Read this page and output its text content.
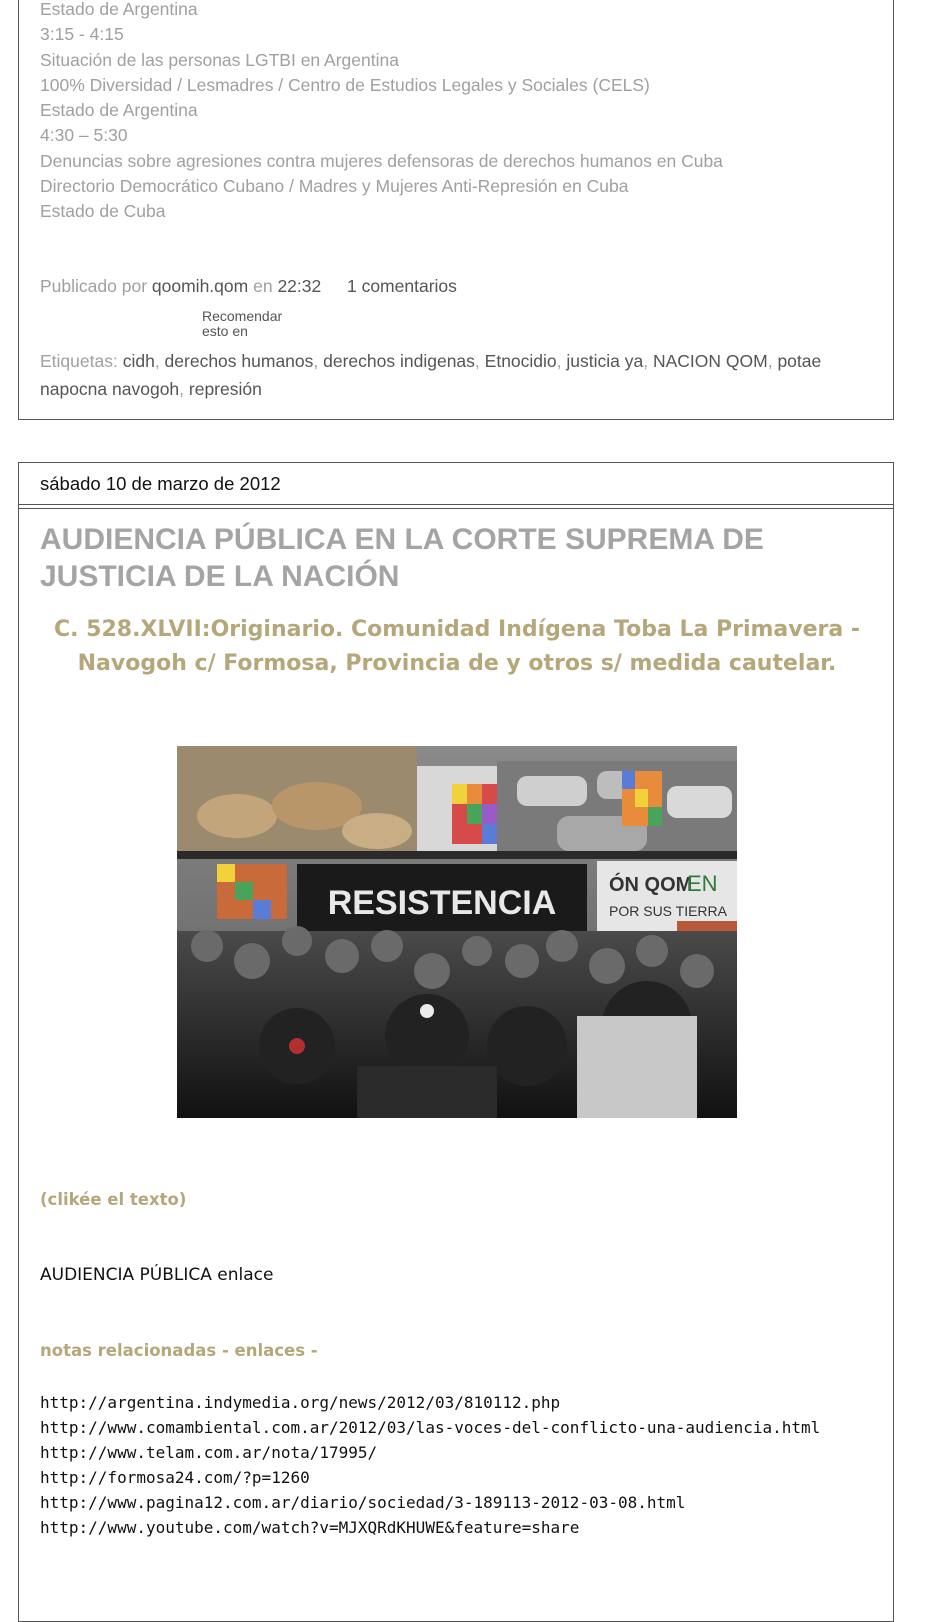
Estado de Argentina
3:15 - 4:15
Situación de las personas LGTBI en Argentina
100% Diversidad / Lesmadres / Centro de Estudios Legales y Sociales (CELS)
Estado de Argentina
4:30 – 5:30
Denuncias sobre agresiones contra mujeres defensoras de derechos humanos en Cuba
Directorio Democrático Cubano / Madres y Mujeres Anti-Represión en Cuba
Estado de Cuba
Publicado por qoomih.qom en 22:32 1 comentarios
Recomendar
esto en
Etiquetas: cidh, derechos humanos, derechos indigenas, Etnocidio, justicia ya, NACION QOM, potae napocna navogoh, represión
sábado 10 de marzo de 2012
AUDIENCIA PÚBLICA EN LA CORTE SUPREMA DE JUSTICIA DE LA NACIÓN
C. 528.XLVII:Originario. Comunidad Indígena Toba La Primavera - Navogoh c/ Formosa, Provincia de y otros s/ medida cautelar.
RESISTENCIA	ÓN QOM
EN
POR SUS TIERRA
(clikée el texto)
AUDIENCIA PÚBLICA enlace
notas relacionadas - enlaces -
http://argentina.indymedia.org/news/2012/03/810112.php
http://www.comambiental.com.ar/2012/03/las-voces-del-conflicto-una-audiencia.html
http://www.telam.com.ar/nota/17995/
http://formosa24.com/?p=1260
http://www.pagina12.com.ar/diario/sociedad/3-189113-2012-03-08.html
http://www.youtube.com/watch?v=MJXQRdKHUWE&feature=share
